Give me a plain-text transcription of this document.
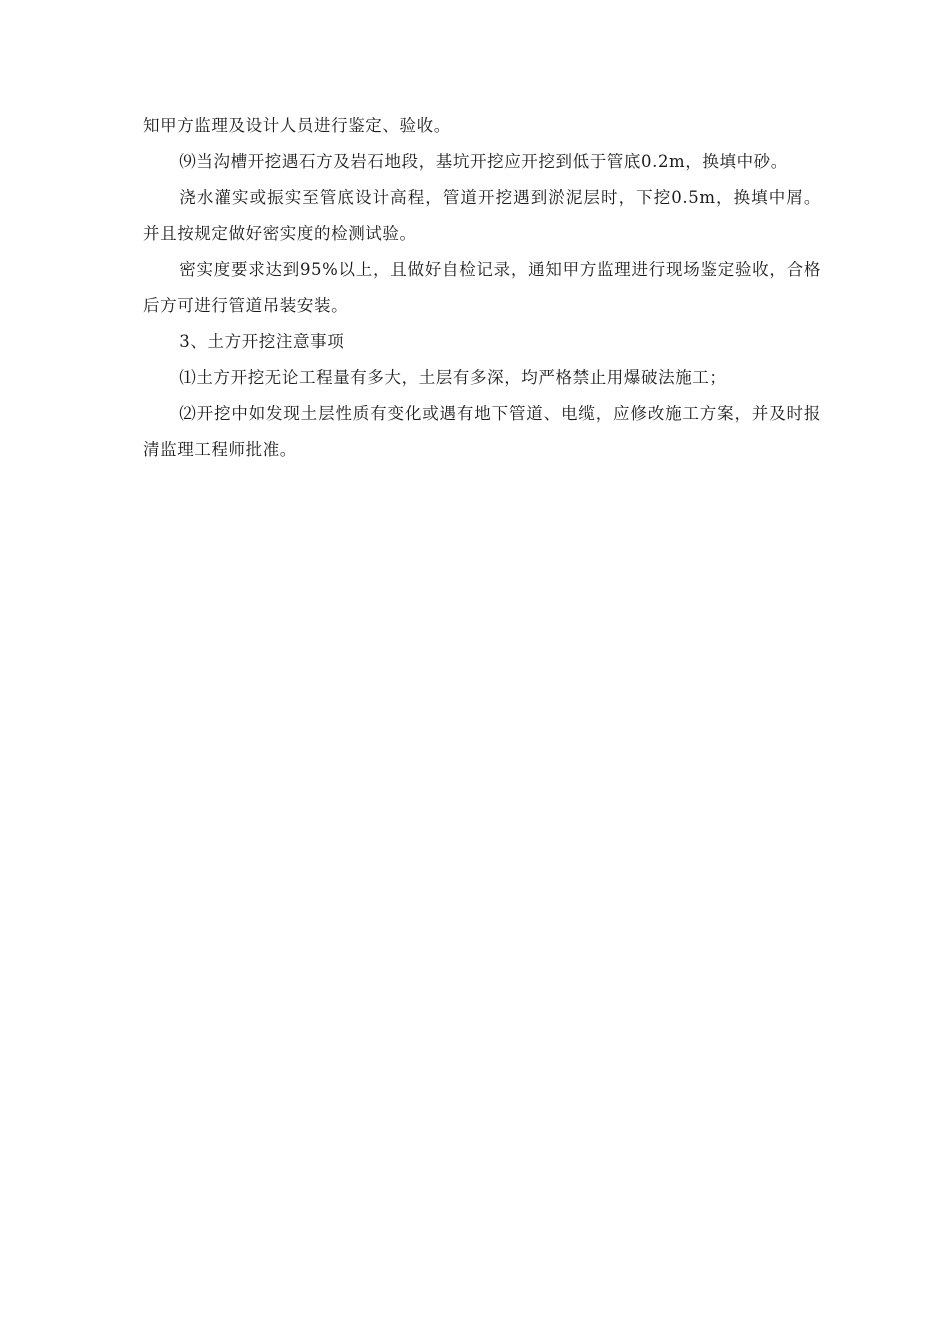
知甲方监理及设计人员进行鉴定、验收。

⑼当沟槽开挖遇石方及岩石地段，基坑开挖应开挖到低于管底0.2m，换填中砂。

浇水灌实或振实至管底设计高程，管道开挖遇到淤泥层时，下挖0.5m，换填中屑。并且按规定做好密实度的检测试验。

密实度要求达到95%以上，且做好自检记录，通知甲方监理进行现场鉴定验收，合格后方可进行管道吊装安装。

3、土方开挖注意事项

⑴土方开挖无论工程量有多大，土层有多深，均严格禁止用爆破法施工；

⑵开挖中如发现土层性质有变化或遇有地下管道、电缆，应修改施工方案，并及时报清监理工程师批准。
